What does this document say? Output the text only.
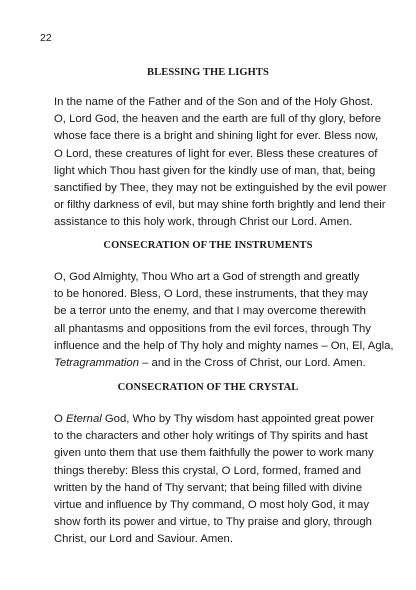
22
BLESSING THE LIGHTS
In the name of the Father and of the Son and of the Holy Ghost.
O, Lord God, the heaven and the earth are full of thy glory, before
whose face there is a bright and shining light for ever. Bless now,
O Lord, these creatures of light for ever. Bless these creatures of
light which Thou hast given for the kindly use of man, that, being
sanctified by Thee, they may not be extinguished by the evil power
or filthy darkness of evil, but may shine forth brightly and lend their
assistance to this holy work, through Christ our Lord. Amen.
CONSECRATION OF THE INSTRUMENTS
O, God Almighty, Thou Who art a God of strength and greatly
to be honored. Bless, O Lord, these instruments, that they may
be a terror unto the enemy, and that I may overcome therewith
all phantasms and oppositions from the evil forces, through Thy
influence and the help of Thy holy and mighty names – On, El, Agla,
Tetragrammation – and in the Cross of Christ, our Lord. Amen.
CONSECRATION OF THE CRYSTAL
O Eternal God, Who by Thy wisdom hast appointed great power
to the characters and other holy writings of Thy spirits and hast
given unto them that use them faithfully the power to work many
things thereby: Bless this crystal, O Lord, formed, framed and
written by the hand of Thy servant; that being filled with divine
virtue and influence by Thy command, O most holy God, it may
show forth its power and virtue, to Thy praise and glory, through
Christ, our Lord and Saviour. Amen.
